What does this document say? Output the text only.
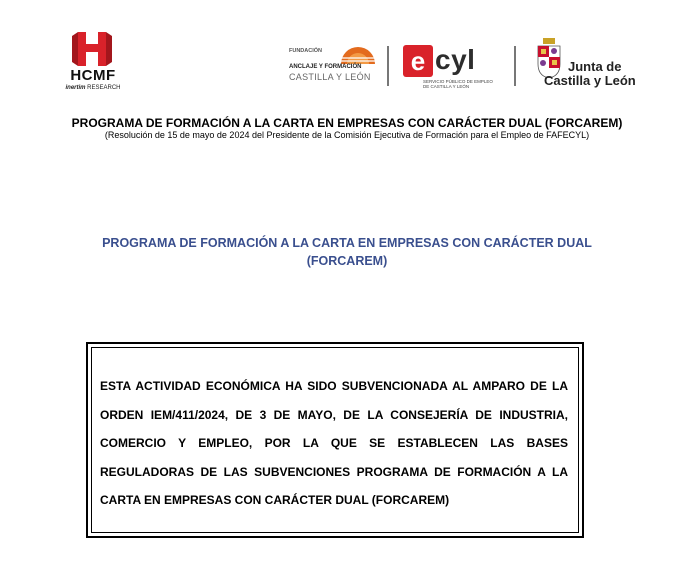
HCMF
inertim RESEARCH
FUNDACIÓN
ANCLAJE Y FORMACIÓN
CASTILLA Y LEÓN
e cyl
SERVICIO PÚBLICO DE EMPLEO
DE CASTILLA Y LEÓN
Junta de
Castilla y León
PROGRAMA DE FORMACIÓN A LA CARTA EN EMPRESAS CON CARÁCTER DUAL (FORCAREM)
(Resolución de 15 de mayo de 2024 del Presidente de la Comisión Ejecutiva de Formación para el Empleo de FAFECYL)
PROGRAMA DE FORMACIÓN A LA CARTA EN EMPRESAS CON CARÁCTER DUAL (FORCAREM)
ESTA ACTIVIDAD ECONÓMICA HA SIDO SUBVENCIONADA AL AMPARO DE LA ORDEN IEM/411/2024, DE 3 DE MAYO, DE LA CONSEJERÍA DE INDUSTRIA, COMERCIO Y EMPLEO, POR LA QUE SE ESTABLECEN LAS BASES REGULADORAS DE LAS SUBVENCIONES PROGRAMA DE FORMACIÓN A LA CARTA EN EMPRESAS CON CARÁCTER DUAL (FORCAREM)
